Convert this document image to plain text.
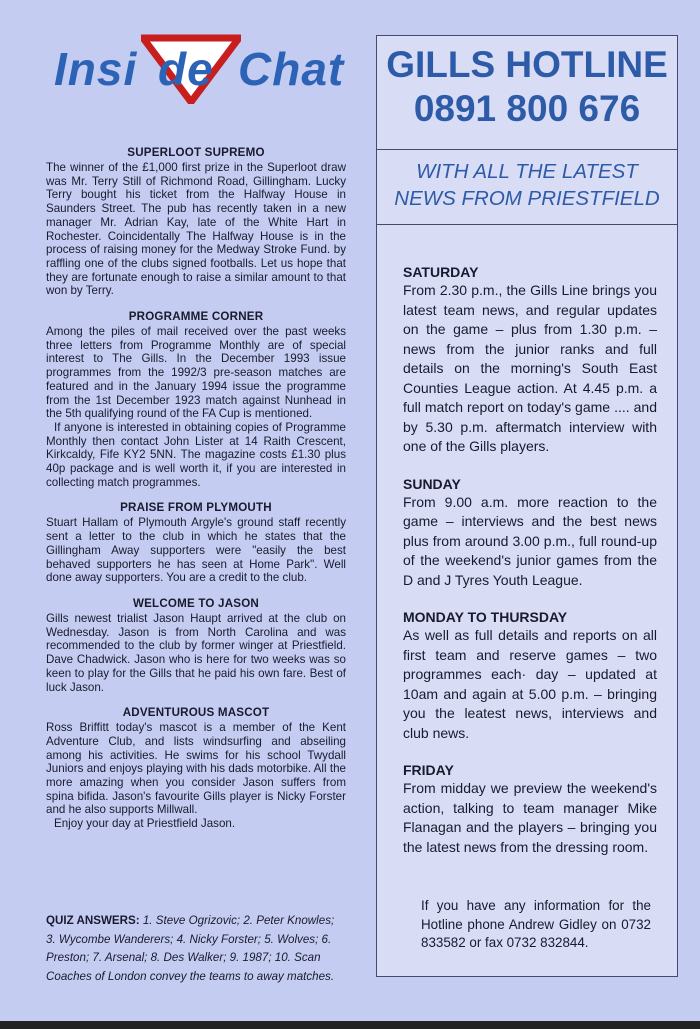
Insi de Chat
SUPERLOOT SUPREMO

The winner of the £1,000 first prize in the Superloot draw was Mr. Terry Still of Richmond Road, Gillingham. Lucky Terry bought his ticket from the Halfway House in Saunders Street. The pub has recently taken in a new manager Mr. Adrian Kay, late of the White Hart in Rochester. Coincidentally The Halfway House is in the process of raising money for the Medway Stroke Fund. by raffling one of the clubs signed footballs. Let us hope that they are fortunate enough to raise a similar amount to that won by Terry.

PROGRAMME CORNER

Among the piles of mail received over the past weeks three letters from Programme Monthly are of special interest to The Gills. In the December 1993 issue programmes from the 1992/3 pre-season matches are featured and in the January 1994 issue the programme from the 1st December 1923 match against Nunhead in the 5th qualifying round of the FA Cup is mentioned.

If anyone is interested in obtaining copies of Programme Monthly then contact John Lister at 14 Raith Crescent, Kirkcaldy, Fife KY2 5NN. The magazine costs £1.30 plus 40p package and is well worth it, if you are interested in collecting match programmes.

PRAISE FROM PLYMOUTH

Stuart Hallam of Plymouth Argyle's ground staff recently sent a letter to the club in which he states that the Gillingham Away supporters were "easily the best behaved supporters he has seen at Home Park". Well done away supporters. You are a credit to the club.

WELCOME TO JASON

Gills newest trialist Jason Haupt arrived at the club on Wednesday. Jason is from North Carolina and was recommended to the club by former winger at Priestfield. Dave Chadwick. Jason who is here for two weeks was so keen to play for the Gills that he paid his own fare. Best of luck Jason.

ADVENTUROUS MASCOT

Ross Briffitt today's mascot is a member of the Kent Adventure Club, and lists windsurfing and abseiling among his activities. He swims for his school Twydall Juniors and enjoys playing with his dads motorbike. All the more amazing when you consider Jason suffers from spina bifida. Jason's favourite Gills player is Nicky Forster and he also supports Millwall.

Enjoy your day at Priestfield Jason.

QUIZ ANSWERS: 1. Steve Ogrizovic; 2. Peter Knowles; 3. Wycombe Wanderers; 4. Nicky Forster; 5. Wolves; 6. Preston; 7. Arsenal; 8. Des Walker; 9. 1987; 10. Scan Coaches of London convey the teams to away matches.
GILLS HOTLINE
0891 800 676
WITH ALL THE LATEST
NEWS FROM PRIESTFIELD
SATURDAY

From 2.30 p.m., the Gills Line brings you latest team news, and regular updates on the game – plus from 1.30 p.m. – news from the junior ranks and full details on the morning's South East Counties League action. At 4.45 p.m. a full match report on today's game .... and by 5.30 p.m. aftermatch interview with one of the Gills players.

SUNDAY

From 9.00 a.m. more reaction to the game – interviews and the best news plus from around 3.00 p.m., full round-up of the weekend's junior games from the D and J Tyres Youth League.

MONDAY TO THURSDAY

As well as full details and reports on all first team and reserve games – two programmes each· day – updated at 10am and again at 5.00 p.m. – bringing you the leatest news, interviews and club news.

FRIDAY

From midday we preview the weekend's action, talking to team manager Mike Flanagan and the players – bringing you the latest news from the dressing room.

If you have any information for the Hotline phone Andrew Gidley on 0732 833582 or fax 0732 832844.
